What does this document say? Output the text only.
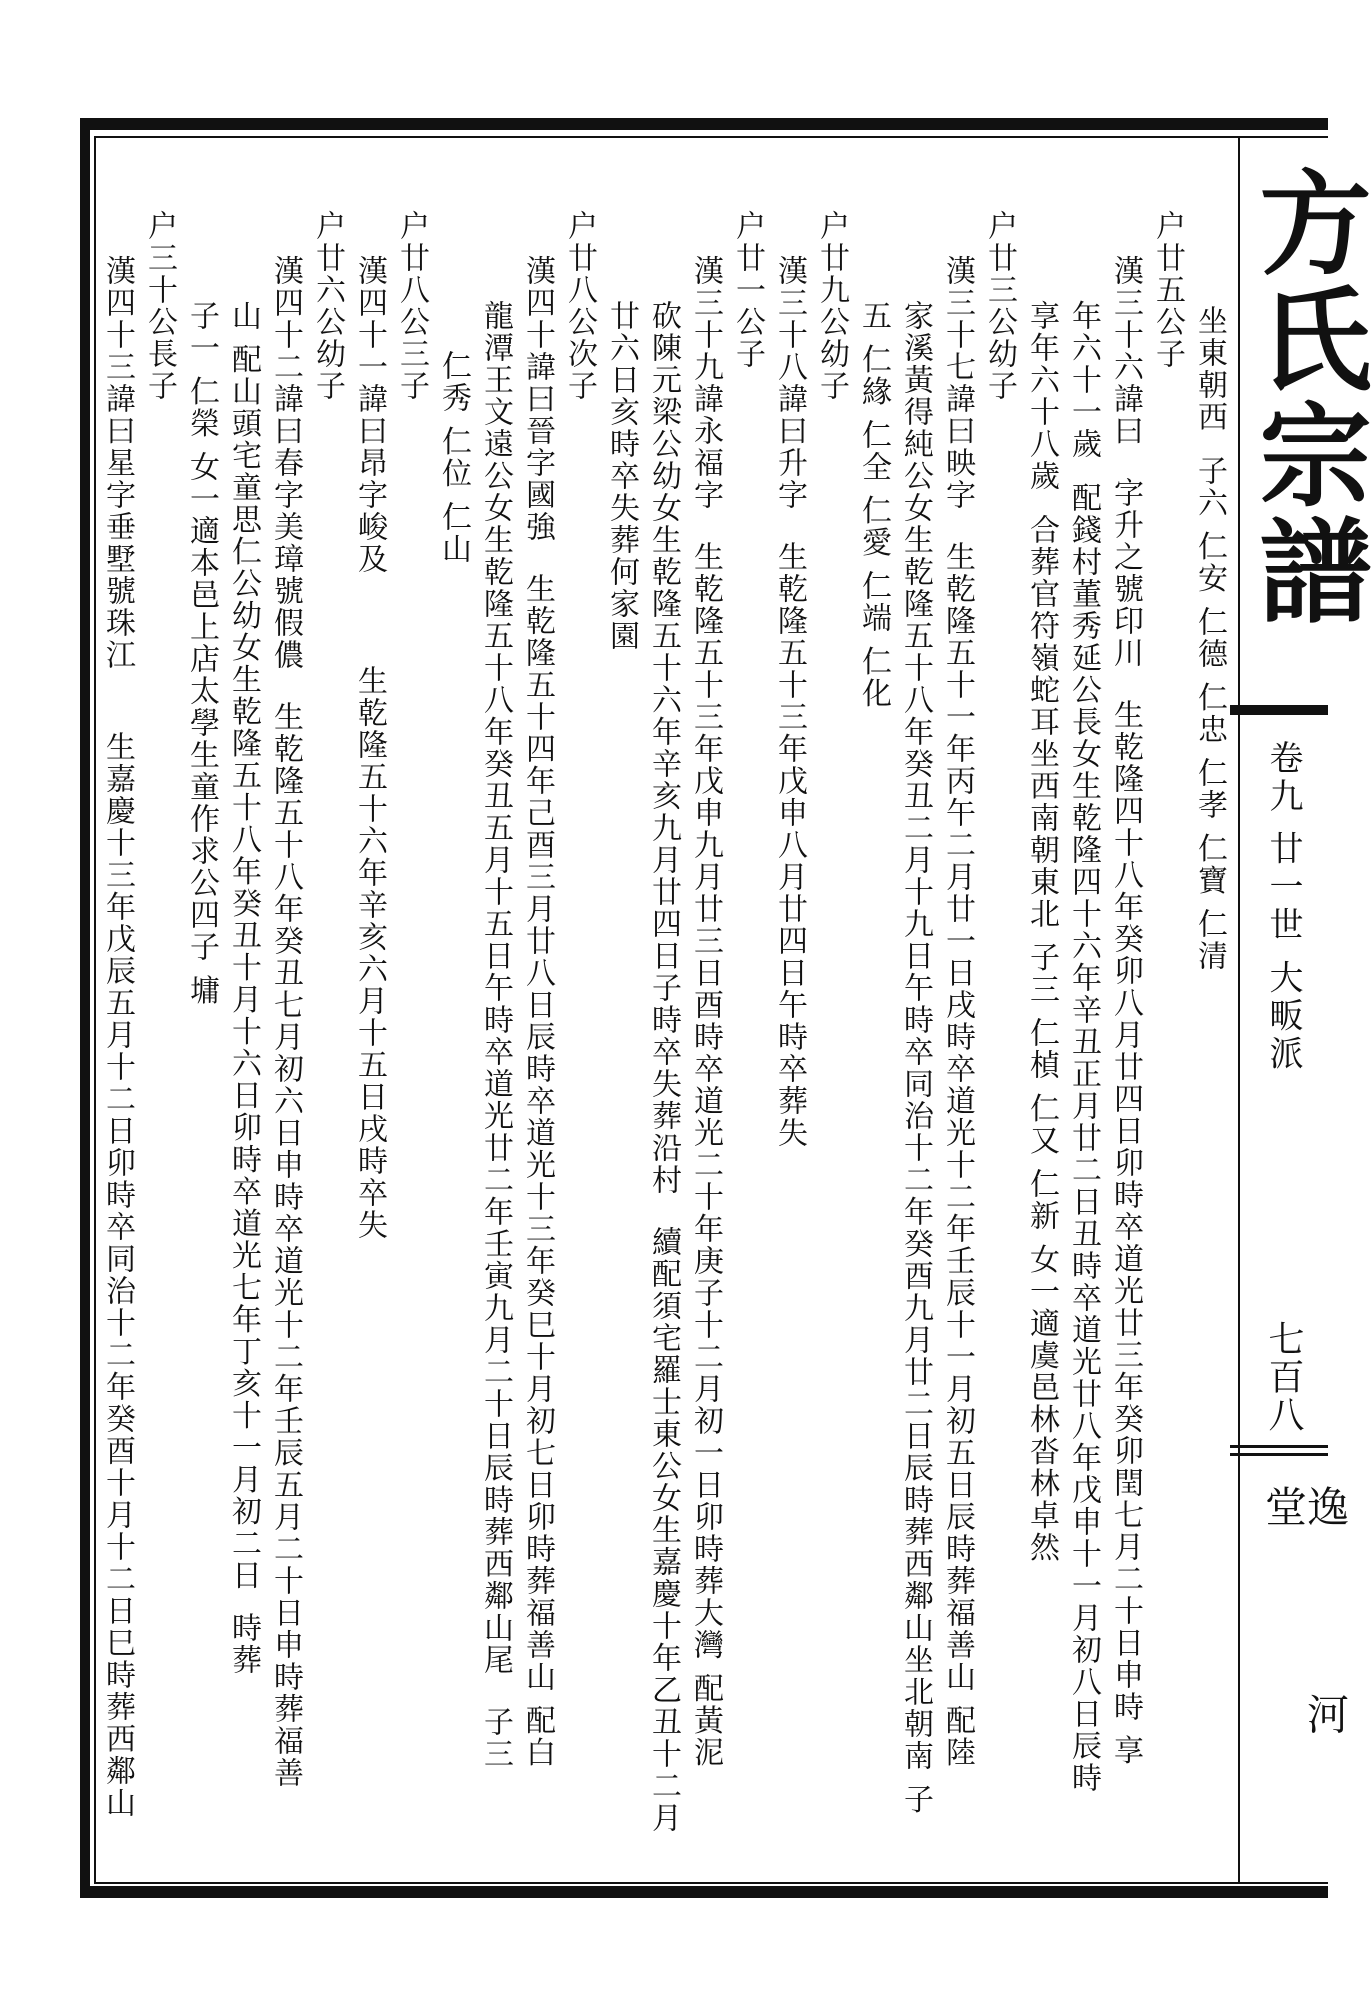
方氏宗譜
卷九 廿一世 大畈派
七百八
逸 河 堂
坐東朝西子六 仁安 仁德 仁忠 仁孝 仁寶 仁清
户廿五公子
漢三十六諱曰字升之號印川生乾隆四十八年癸卯八月廿四日卯時卒道光廿三年癸卯閏七月二十日申時 享
年六十一歲配錢村董秀延公長女生乾隆四十六年辛丑正月廿二日丑時卒道光廿八年戊申十一月初八日辰時
享年六十八歲合葬官符嶺蛇耳坐西南朝東北 子三 仁楨 仁又 仁新 女一適虞邑林沓林卓然
户廿三公幼子
漢三十七諱曰映字生乾隆五十一年丙午二月廿一日戌時卒道光十二年壬辰十一月初五日辰時葬福善山 配陸
家溪黃得純公女生乾隆五十八年癸丑二月十九日午時卒同治十二年癸酉九月廿二日辰時葬西鄰山坐北朝南 子
五 仁緣 仁全 仁愛 仁端 仁化
户廿九公幼子
漢三十八諱曰升字生乾隆五十三年戊申八月廿四日午時卒葬失
户廿一公子
漢三十九諱永福字生乾隆五十三年戊申九月廿三日酉時卒道光二十年庚子十二月初一日卯時葬大灣 配黃泥
砍陳元梁公幼女生乾隆五十六年辛亥九月廿四日子時卒失葬沿村續配須宅羅士東公女生嘉慶十年乙丑十二月
廿六日亥時卒失葬何家園
户廿八公次子
漢四十諱曰晉字國強生乾隆五十四年己酉三月廿八日辰時卒道光十三年癸巳十月初七日卯時葬福善山 配白
龍潭王文遠公女生乾隆五十八年癸丑五月十五日午時卒道光廿二年壬寅九月二十日辰時葬西鄰山尾子三
仁秀 仁位 仁山
户廿八公三子
漢四十一諱曰昂字峻及生乾隆五十六年辛亥六月十五日戌時卒失
户廿六公幼子
漢四十二諱曰春字美璋號假儂生乾隆五十八年癸丑七月初六日申時卒道光十二年壬辰五月二十日申時葬福善
山 配山頭宅童思仁公幼女生乾隆五十八年癸丑十月十六日卯時卒道光七年丁亥十一月初二日時葬
子一 仁榮 女一適本邑上店太學生童作求公四子 墉
户三十公長子
漢四十三諱曰星字垂墅號珠江生嘉慶十三年戊辰五月十二日卯時卒同治十二年癸酉十月十二日巳時葬西鄰山
